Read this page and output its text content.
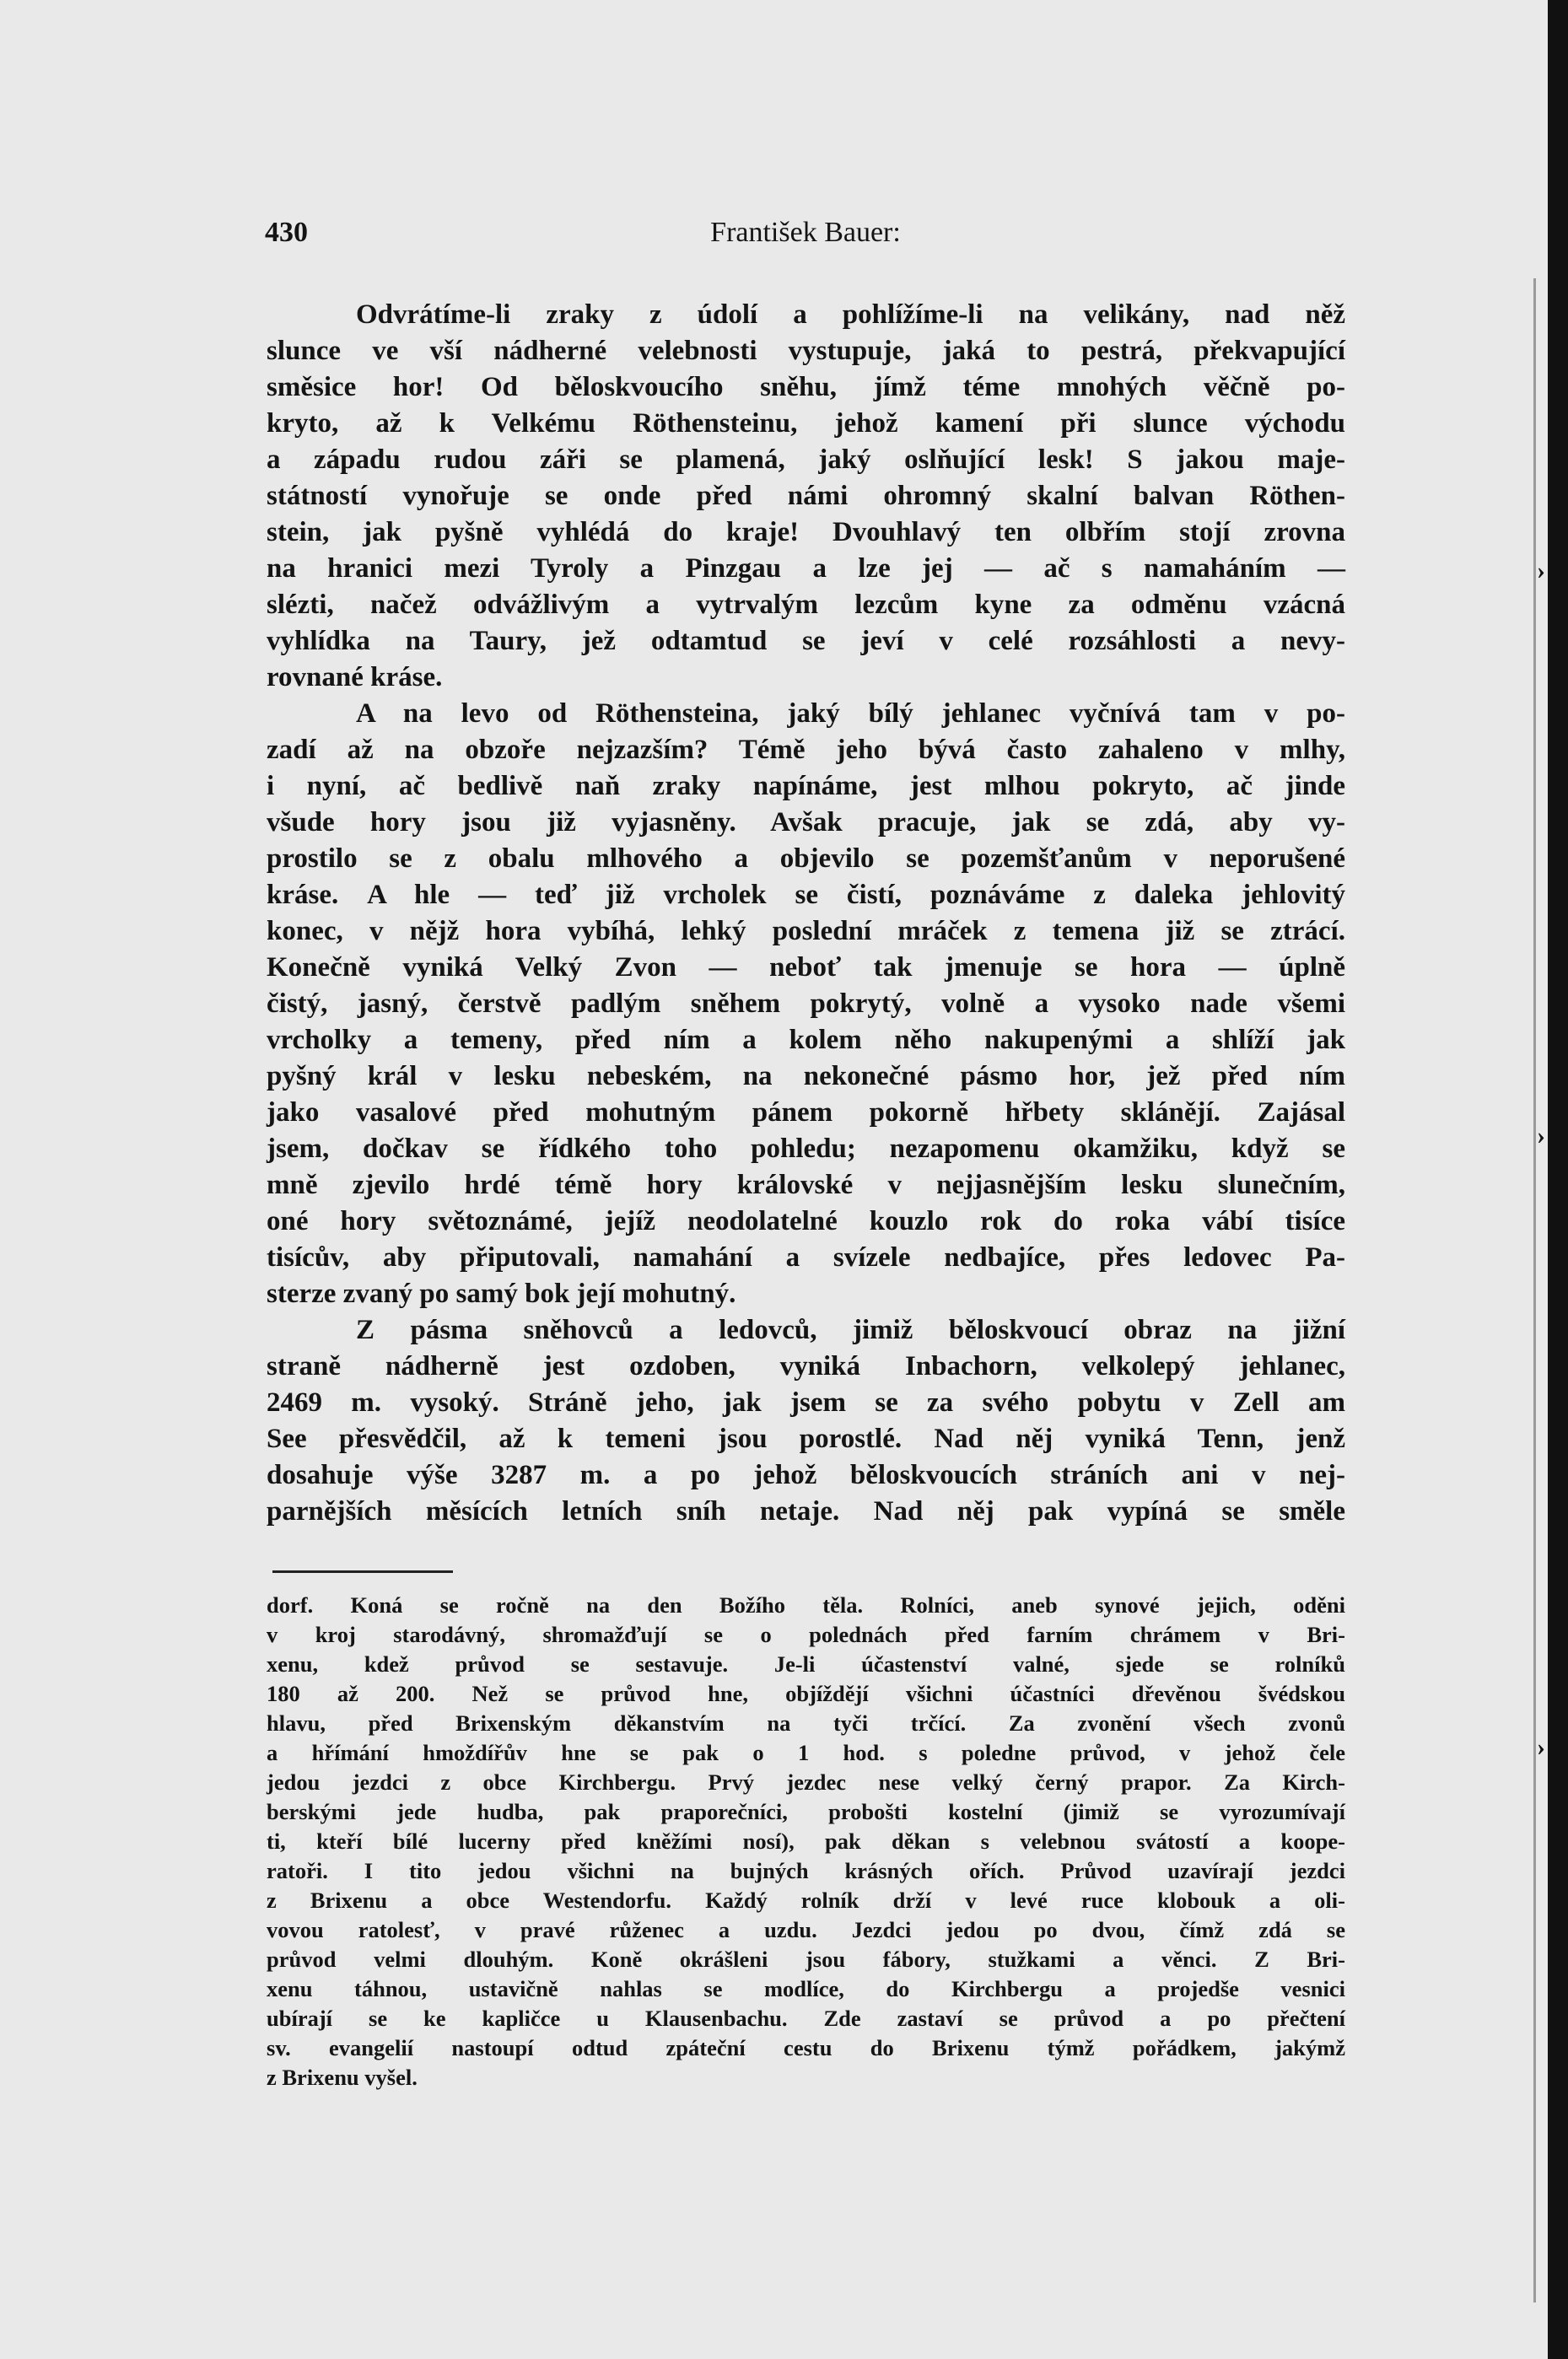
›
›
›
430	František Bauer:
Odvrátíme-li zraky z údolí a pohlížíme-li na velikány, nad něž
slunce ve vší nádherné velebnosti vystupuje, jaká to pestrá, překvapující
směsice hor! Od běloskvoucího sněhu, jímž téme mnohých věčně po-
kryto, až k Velkému Röthensteinu, jehož kamení při slunce východu
a západu rudou záři se plamená, jaký oslňující lesk! S jakou maje-
státností vynořuje se onde před námi ohromný skalní balvan Röthen-
stein, jak pyšně vyhlédá do kraje! Dvouhlavý ten olbřím stojí zrovna
na hranici mezi Tyroly a Pinzgau a lze jej — ač s namaháním —
slézti, načež odvážlivým a vytrvalým lezcům kyne za odměnu vzácná
vyhlídka na Taury, jež odtamtud se jeví v celé rozsáhlosti a nevy-
rovnané krásе.
A na levo od Röthensteina, jaký bílý jehlanec vyčnívá tam v po-
zadí až na obzoře nejzazším? Témě jeho bývá často zahaleno v mlhy,
i nyní, ač bedlivě naň zraky napínáme, jest mlhou pokryto, ač jinde
všude hory jsou již vyjasněny. Avšak pracuje, jak se zdá, aby vy-
prostilo se z obalu mlhového a objevilo se pozemšťanům v neporušené
krásе. A hle — teď již vrcholek se čistí, poznáváme z daleka jehlovitý
konec, v nějž hora vybíhá, lehký poslední mráček z temena již se ztrácí.
Konečně vyniká Velký Zvon — neboť tak jmenuje se hora — úplně
čistý, jasný, čerstvě padlým sněhem pokrytý, volně a vysoko nade všemi
vrcholky a temeny, před ním a kolem něho nakupenými a shlíží jak
pyšný král v lesku nebeském, na nekonečné pásmo hor, jež před ním
jako vasalové před mohutným pánem pokorně hřbety sklánějí. Zajásal
jsem, dočkav se řídkého toho pohledu; nezapomenu okamžiku, když se
mně zjevilo hrdé témě hory královské v nejjasnějším lesku slunečním,
oné hory světoznámé, jejíž neodolatelné kouzlo rok do roka vábí tisíce
tisícův, aby připutovali, namahání a svízele nedbajíce, přes ledovec Pa-
sterze zvaný po samý bok její mohutný.
Z pásma sněhovců a ledovců, jimiž běloskvoucí obraz na jižní
straně nádherně jest ozdoben, vyniká Inbachorn, velkolepý jehlanec,
2469 m. vysoký. Stráně jeho, jak jsem se za svého pobytu v Zell am
See přesvědčil, až k temeni jsou porostlé. Nad něj vyniká Tenn, jenž
dosahuje výše 3287 m. a po jehož běloskvoucích stráních ani v nej-
parnějších měsících letních sníh netaje. Nad něj pak vypíná se směle
dorf. Koná se ročně na den Božího těla. Rolníci, aneb synové jejich, oděni
v kroj starodávný, shromažďují se o polednách před farním chrámem v Bri-
xenu, kdež průvod se sestavuje. Je-li účastenství valné, sjede se rolníků
180 až 200. Než se průvod hne, objíždějí všichni účastníci dřevěnou švédskou
hlavu, před Brixenským děkanstvím na tyči trčící. Za zvonění všech zvonů
a hřímání hmoždířův hne se pak o 1 hod. s poledne průvod, v jehož čele
jedou jezdci z obce Kirchbergu. Prvý jezdec nese velký černý prapor. Za Kirch-
berskými jede hudba, pak praporečníci, probošti kostelní (jimiž se vyrozumívají
ti, kteří bílé lucerny před kněžími nosí), pak děkan s velebnou svátostí a koope-
ratoři. I tito jedou všichni na bujných krásných ořích. Průvod uzavírají jezdci
z Brixenu a obce Westendorfu. Každý rolník drží v levé ruce klobouk a oli-
vovou ratolesť, v pravé růženec a uzdu. Jezdci jedou po dvou, čímž zdá se
průvod velmi dlouhým. Koně okrášleni jsou fábory, stužkami a věnci. Z Bri-
xenu táhnou, ustavičně nahlas se modlíce, do Kirchbergu a projedše vesnici
ubírají se ke kapličce u Klausenbachu. Zde zastaví se průvod a po přečtení
sv. evangelií nastoupí odtud zpáteční cestu do Brixenu týmž pořádkem, jakýmž
z Brixenu vyšel.
